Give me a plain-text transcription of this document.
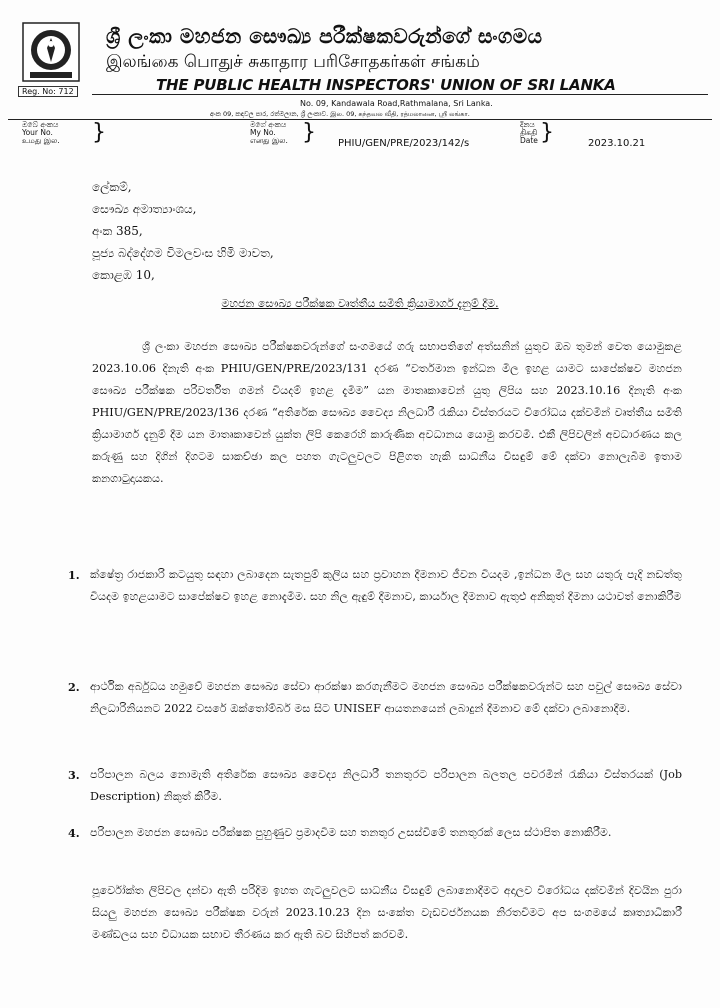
Reg. No: 712
ශ්‍රී ලංකා මහජන සෞඛ්‍ය පරීක්ෂකවරුන්ගේ සංගමය
இலங்கை பொதுச் சுகாதார பரிசோதகர்கள் சங்கம்
THE PUBLIC HEALTH INSPECTORS' UNION OF SRI LANKA
No. 09, Kandawala Road,Rathmalana, Sri Lanka.
අංක 09, කඳවල පාර, රත්මලාන, ශ්‍රී ලංකාව. இல. 09, கந்தவல வீதி, ரத்மலானை, ஸ்ரீ லங்கா.
ඔබේ අංකය
Your No.
உமது இல. }	මගේ අංකය
My No.
எனது இல. } PHIU/GEN/PRE/2023/142/s
දිනය
திகதி
Date }	2023.10.21
ලේකම්,
සෞඛ්‍ය අමාත්‍යාංශය,
අංක 385,
පූජ්‍ය බද්දේගම විමලවංස හිමි මාවත,
කොළඹ 10,
මහජන සෞඛ්‍ය පරීක්ෂක වෘත්තීය සමිති ක්‍රියාමාර්ග දැනුම් දීම.
ශ්‍රී ලංකා මහජන සෞඛ්‍ය පරීක්ෂකවරුන්ගේ සංගමයේ ගරු සභාපතිගේ අත්සනින් යුතුව ඔබ තුමන් වෙත යොමුකළ 2023.10.06 දිනැති අංක PHIU/GEN/PRE/2023/131 දරණ “වර්තමාන ඉන්ධන මිල ඉහළ යාමට සාපේක්ෂව මහජන සෞඛ්‍ය පරීක්ෂක පරිවර්තිත ගමන් වියදම් ඉහළ දැමීම” යන මාතෘකාවෙන් යුතු ලිපිය සහ 2023.10.16 දිනැති අංක PHIU/GEN/PRE/2023/136 දරණ “අතිරේක සෞඛ්‍ය වෛද්‍ය නිලධාරී රැකියා විස්තරයට විරෝධය දක්වමින් වෘත්තීය සමිති ක්‍රියාමාර්ග දැනුම් දීම යන මාතෘකාවෙන් යුක්ත ලිපි කෙරෙහි කාරුණික අවධානය යොමු කරවමි. එකී ලිපිවලින් අවධාරණය කල කරුණු සහ දිගින් දිගටම සාකච්ඡා කල පහත ගැටලුවලට පිළිගත හැකි සාධනීය විසඳුම් මේ දක්වා නොලැබීම ඉතාම කනගාටුදායකය.
1. ක්ෂේත්‍ර රාජකාරි කටයුතු සඳහා ලබාදෙන සැතපුම් කුලිය සහ ප්‍රවාහන දීමනාව ජීවන වියදම ,ඉන්ධන මිල සහ යතුරු පැදි නඩත්තු වියදම ඉහළයාමට සාපේක්ෂව ඉහළ නොදැමීම. සහ නිල ඇඳුම් දීමනාව, කාර්යාල දීමනාව ඇතුළු අනිකුත් දීමනා යථාවත් නොකිරීම
2. ආර්ථික අර්බුධය හමුවේ මහජන සෞඛ්‍ය සේවා ආරක්ෂා කරගැනීමට මහජන සෞඛ්‍ය පරීක්ෂකවරුන්ට සහ පවුල් සෞඛ්‍ය සේවා නිලධාරිනියනට 2022 වසරේ ඔක්තෝම්බර් මස සිට UNISEF ආයතනයෙන් ලබාදුන් දීමනාව මේ දක්වා ලබානොදීම.
3. පරිපාලන බලය නොමැති අතිරේක සෞඛ්‍ය වෛද්‍ය නිලධාරී තනතුරට පරිපාලන බලතල පවරමින් රැකියා විස්තරයක් (Job Description) නිකුත් කිරීම.
4. පරිපාලන මහජන සෞඛ්‍ය පරීක්ෂක පුහුණුව ප්‍රමාදවීම සහ තනතුර උසස්වීමේ තනතුරක් ලෙස ස්ථාපිත නොකිරීම.
පූර්වෝක්ත ලිපිවල දන්වා ඇති පරිදිම ඉහත ගැටලුවලට සාධනීය විසඳුම් ලබානොදීමට අදාලව විරෝධය දක්වමින් දිවයින පුරා සියලු මහජන සෞඛ්‍ය පරීක්ෂක වරුන් 2023.10.23 දින සංකේත වැඩවර්ජනයක නිරතවීමට අප සංගමයේ කෘත්‍යාධිකාරී මණ්ඩලය සහ විධායක සභාව තීරණය කර ඇති බව සිහිපත් කරවමි.
